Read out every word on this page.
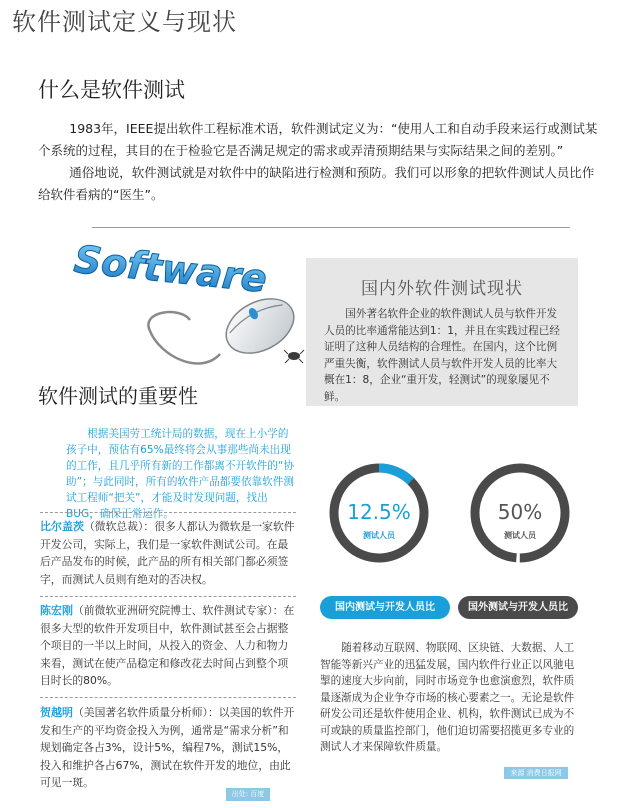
软件测试定义与现状
什么是软件测试

1983年，IEEE提出软件工程标准术语，软件测试定义为：“使用人工和自动手段来运行或测试某个系统的过程，其目的在于检验它是否满足规定的需求或弄清预期结果与实际结果之间的差别。”

通俗地说，软件测试就是对软件中的缺陷进行检测和预防。我们可以形象的把软件测试人员比作给软件看病的“医生”。

Software
软件测试的重要性
根据美国劳工统计局的数据，现在上小学的孩子中，预估有65%最终将会从事那些尚未出现的工作，且几乎所有新的工作都离不开软件的“协助”；与此同时，所有的软件产品都要依靠软件测试工程师“把关”，才能及时发现问题，找出BUG，确保正常运作。
比尔盖茨（微软总裁）：很多人都认为微软是一家软件开发公司，实际上，我们是一家软件测试公司。在最后产品发布的时候，此产品的所有相关部门都必须签字，而测试人员则有绝对的否决权。
陈宏刚（前微软亚洲研究院博士、软件测试专家）：在很多大型的软件开发项目中，软件测试甚至会占据整个项目的一半以上时间，从投入的资金、人力和物力来看，测试在使产品稳定和修改花去时间占到整个项目时长的80%。
贺越明（美国著名软件质量分析师）：以美国的软件开发和生产的平均资金投入为例，通常是“需求分析”和规划确定各占3%，设计5%，编程7%，测试15%，投入和维护各占67%，测试在软件开发的地位，由此可见一斑。
出处: 百度
国内外软件测试现状
国外著名软件企业的软件测试人员与软件开发人员的比率通常能达到1：1，并且在实践过程已经证明了这种人员结构的合理性。在国内，这个比例严重失衡，软件测试人员与软件开发人员的比率大概在1：8，企业“重开发，轻测试”的现象屡见不鲜。
12.5%	50%
测试人员	测试人员
国内测试与开发人员比	国外测试与开发人员比
随着移动互联网、物联网、区块链、大数据、人工智能等新兴产业的迅猛发展，国内软件行业正以风驰电掣的速度大步向前，同时市场竞争也愈演愈烈，软件质量逐渐成为企业争夺市场的核心要素之一。无论是软件研发公司还是软件使用企业、机构，软件测试已成为不可或缺的质量监控部门，他们迫切需要招揽更多专业的测试人才来保障软件质量。
来源 消费日报网
